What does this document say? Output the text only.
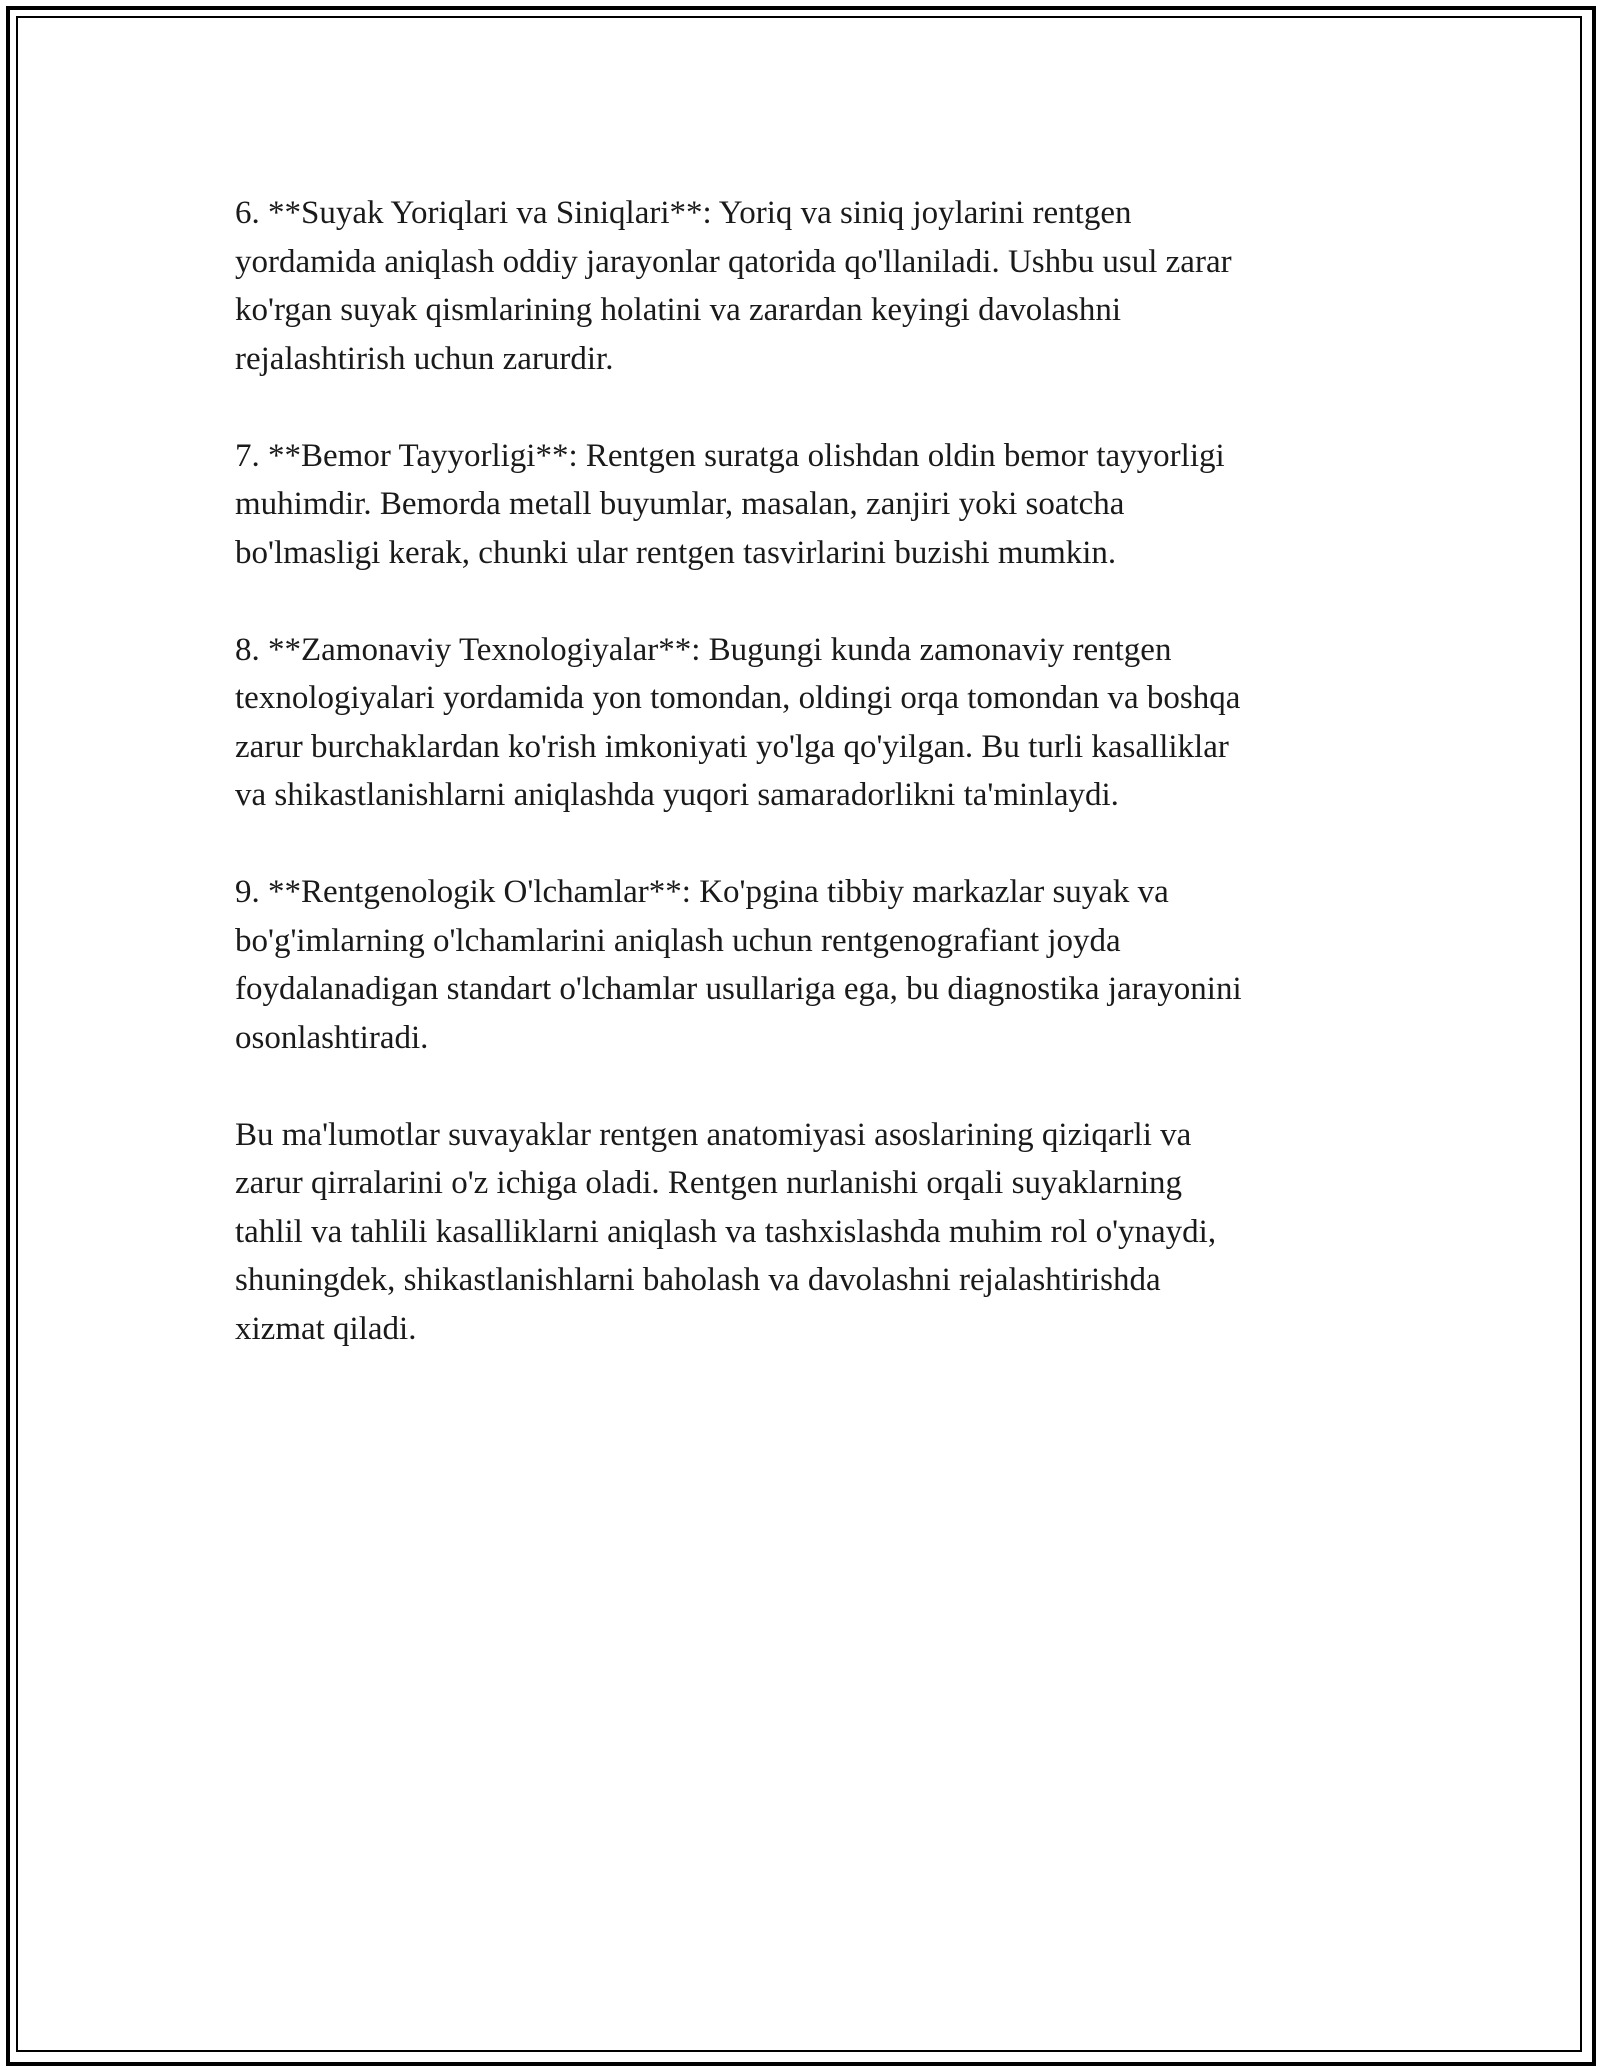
6. **Suyak Yoriqlari va Siniqlari**: Yoriq va siniq joylarini rentgen
yordamida aniqlash oddiy jarayonlar qatorida qo'llaniladi. Ushbu usul zarar
ko'rgan suyak qismlarining holatini va zarardan keyingi davolashni
rejalashtirish uchun zarurdir.

7. **Bemor Tayyorligi**: Rentgen suratga olishdan oldin bemor tayyorligi
muhimdir. Bemorda metall buyumlar, masalan, zanjiri yoki soatcha
bo'lmasligi kerak, chunki ular rentgen tasvirlarini buzishi mumkin.

8. **Zamonaviy Texnologiyalar**: Bugungi kunda zamonaviy rentgen
texnologiyalari yordamida yon tomondan, oldingi orqa tomondan va boshqa
zarur burchaklardan ko'rish imkoniyati yo'lga qo'yilgan. Bu turli kasalliklar
va shikastlanishlarni aniqlashda yuqori samaradorlikni ta'minlaydi.

9. **Rentgenologik O'lchamlar**: Ko'pgina tibbiy markazlar suyak va
bo'g'imlarning o'lchamlarini aniqlash uchun rentgenografiant joyda
foydalanadigan standart o'lchamlar usullariga ega, bu diagnostika jarayonini
osonlashtiradi.

Bu ma'lumotlar suvayaklar rentgen anatomiyasi asoslarining qiziqarli va
zarur qirralarini o'z ichiga oladi. Rentgen nurlanishi orqali suyaklarning
tahlil va tahlili kasalliklarni aniqlash va tashxislashda muhim rol o'ynaydi,
shuningdek, shikastlanishlarni baholash va davolashni rejalashtirishda
xizmat qiladi.
